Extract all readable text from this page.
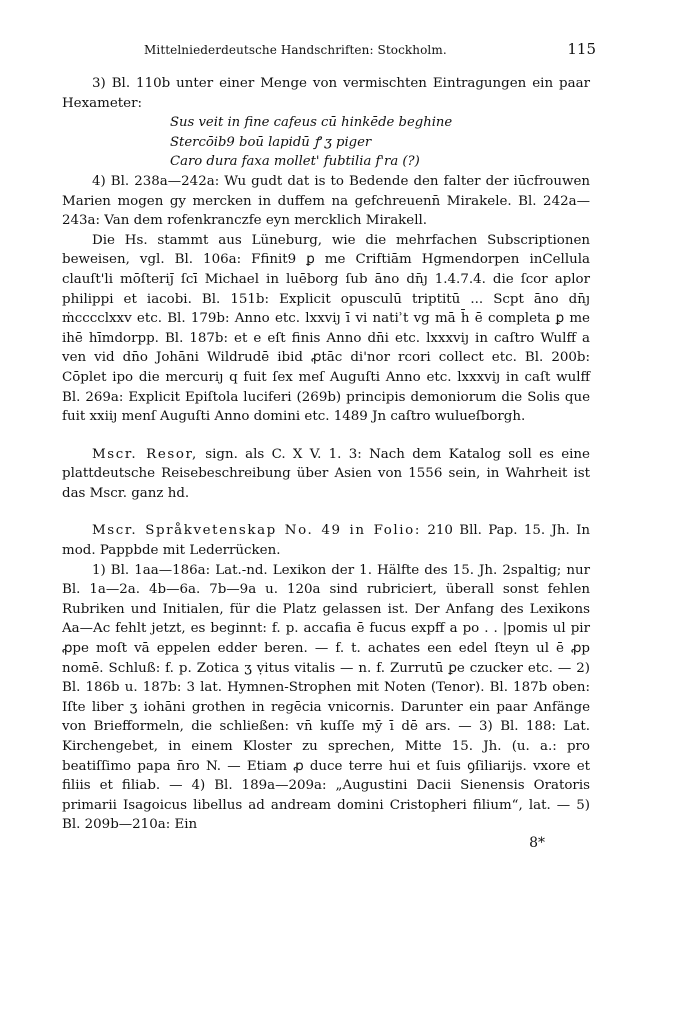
Mittelniederdeutsche Handschriften: Stockholm.	115

3) Bl. 110b unter einer Menge von vermischten Eintragungen ein paar Hexameter:

Sus veit in fine cafeus cū hinkēde beghine
Stercōib9 boū lapidū ꝭ ʒ piger
Caro dura faxa mollet' fubtilia f'ra (?)

4) Bl. 238a—242a: Wu gudt dat is to Bedende den falter der iūcfrouwen Marien mogen gy mercken in duffem na gefchreuenn̄ Mirakele. Bl. 242a—243a: Van dem rofenkranczfe eyn merckl​ich Mirakell.

Die Hs. stammt aus Lüneburg, wie die mehrfachen Subscriptionen beweisen, vgl. Bl. 106a: Ffinit9 ꝑ me Criftiām Hgmendorpen inCellula clauſt'li mōſteriȷ̄ ſcī Michael in luēborg ſub āno dn̄ȷ 1.4.7.4. die ſcor aplor philippi et iacobi. Bl. 151b: Explicit opusculū triptitū ... Scpt āno dn̄ȷ ṁcccclxxv etc. Bl. 179b: Anno etc. lxxviȷ ī vi natiʾt vg mā h̄ ē completa ꝑ me ihē hīmdorpp. Bl. 187b: et e eſt finis Anno dn̄i etc. lxxxviȷ in caſtro Wulff a ven vid dn̄o Johāni Wildrudē ibid ꝓtāc di'nor rcori collect etc. Bl. 200b: Cōplet ipo die mercuriȷ q fuit ſex meſ Auguſti Anno etc. lxxxviȷ in caſt wulff Bl. 269a: Explicit Epiſtola luciferi (269b) principis demoniorum die Solis que fuit xxiiȷ menſ Auguſti Anno domini etc. 1489 Jn caſtro wulueſborgh.

Mscr. Resor, sign. als C. X V. 1. 3: Nach dem Katalog soll es eine plattdeutsche Reisebeschreibung über Asien von 1556 sein, in Wahrheit ist das Mscr. ganz hd.

Mscr. Språkvetenskap No. 49 in Folio: 210 Bll. Pap. 15. Jh. In mod. Pappbde mit Lederrücken.

1) Bl. 1aa—186a: Lat.-nd. Lexikon der 1. Hälfte des 15. Jh. 2spaltig; nur Bl. 1a—2a. 4b—6a. 7b—9a u. 120a sind rubriciert, überall sonst fehlen Rubriken und Initialen, für die Platz gelassen ist. Der Anfang des Lexikons Aa—Ac fehlt jetzt, es beginnt: f. p. accafia ē fucus expff a po . . |pomis ul pir ꝓpe moſt vā eppelen edder beren. — f. t. achates een edel ſteyn ul ē ꝓp nomē. Schluß: f. p. Zotica ʒ ṿitus vitalis — n. f. Zurrutū ꝑe czucker etc. — 2) Bl. 186b u. 187b: 3 lat. Hymnen-Strophen mit Noten (Tenor). Bl. 187b oben: Iſte liber ʒ iohāni grothen in regēcia vnicornis. Darunter ein paar Anfänge von Briefformeln, die schließen: vn̄ kuſſe mȳ ī dē ars. — 3) Bl. 188: Lat. Kirchengebet, in einem Kloster zu sprechen, Mitte 15. Jh. (u. a.: pro beatiſſimo papa n̄ro N. — Etiam ꝓ duce terre hui et ſuis ꝯſiliarijs. vxore et filiis et filiab. — 4) Bl. 189a—209a: „Augustini Dacii Sienensis Oratoris primarii Isagoicus libellus ad andream domini Cristopheri filium“, lat. — 5) Bl. 209b—210a: Ein

8*
